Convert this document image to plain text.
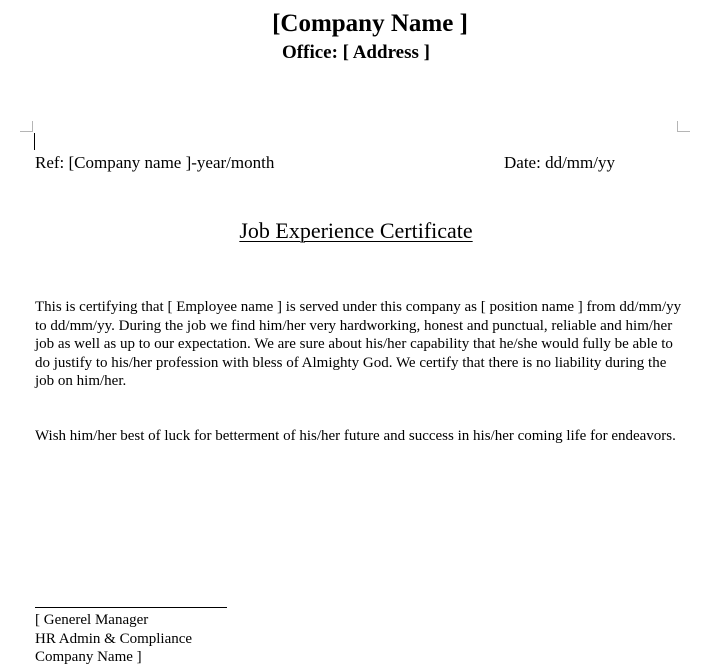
[Company Name ]
Office: [ Address ]
Ref: [Company name ]-year/month	Date: dd/mm/yy
Job Experience Certificate
This is certifying that [ Employee name ] is served under this company as [ position name ] from dd/mm/yy to dd/mm/yy. During the job we find him/her very hardworking, honest and punctual, reliable and him/her job as well as up to our expectation. We are sure about his/her capability that he/she would fully be able to do justify to his/her profession with bless of Almighty God. We certify that there is no liability during the job on him/her.
Wish him/her best of luck for betterment of his/her future and success in his/her coming life for endeavors.
[ Generel Manager
HR Admin & Compliance
Company Name ]
